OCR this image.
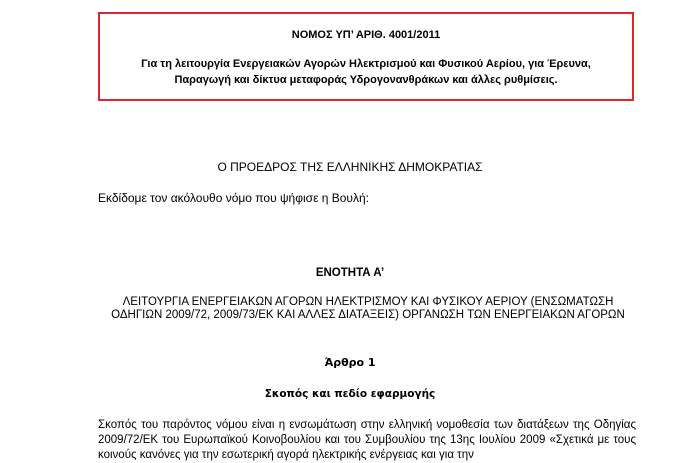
ΝΟΜΟΣ ΥΠ’ ΑΡΙΘ. 4001/2011
Για τη λειτουργία Ενεργειακών Αγορών Ηλεκτρισμού και Φυσικού Αερίου, για Έρευνα, Παραγωγή και δίκτυα μεταφοράς Υδρογονανθράκων και άλλες ρυθμίσεις.
Ο ΠΡΟΕΔΡΟΣ ΤΗΣ ΕΛΛΗΝΙΚΗΣ ΔΗΜΟΚΡΑΤΙΑΣ
Εκδίδομε τον ακόλουθο νόμο που ψήφισε η Βουλή:
ΕΝΟΤΗΤΑ Α’
ΛΕΙΤΟΥΡΓΙΑ ΕΝΕΡΓΕΙΑΚΩΝ ΑΓΟΡΩΝ ΗΛΕΚΤΡΙΣΜΟΥ ΚΑΙ ΦΥΣΙΚΟΥ ΑΕΡΙΟΥ (ΕΝΣΩΜΑΤΩΣΗ ΟΔΗΓΙΩΝ 2009/72, 2009/73/ΕΚ ΚΑΙ ΑΛΛΕΣ ΔΙΑΤΑΞΕΙΣ) ΟΡΓΑΝΩΣΗ ΤΩΝ ΕΝΕΡΓΕΙΑΚΩΝ ΑΓΟΡΩΝ
Άρθρο 1
Σκοπός και πεδίο εφαρμογής
Σκοπός του παρόντος νόμου είναι η ενσωμάτωση στην ελληνική νομοθεσία των διατάξεων της Οδηγίας 2009/72/ΕΚ του Ευρωπαϊκού Κοινοβουλίου και του Συμβουλίου της 13ης Ιουλίου 2009 «Σχετικά με τους κοινούς κανόνες για την εσωτερική αγορά ηλεκτρικής ενέργειας και για την
